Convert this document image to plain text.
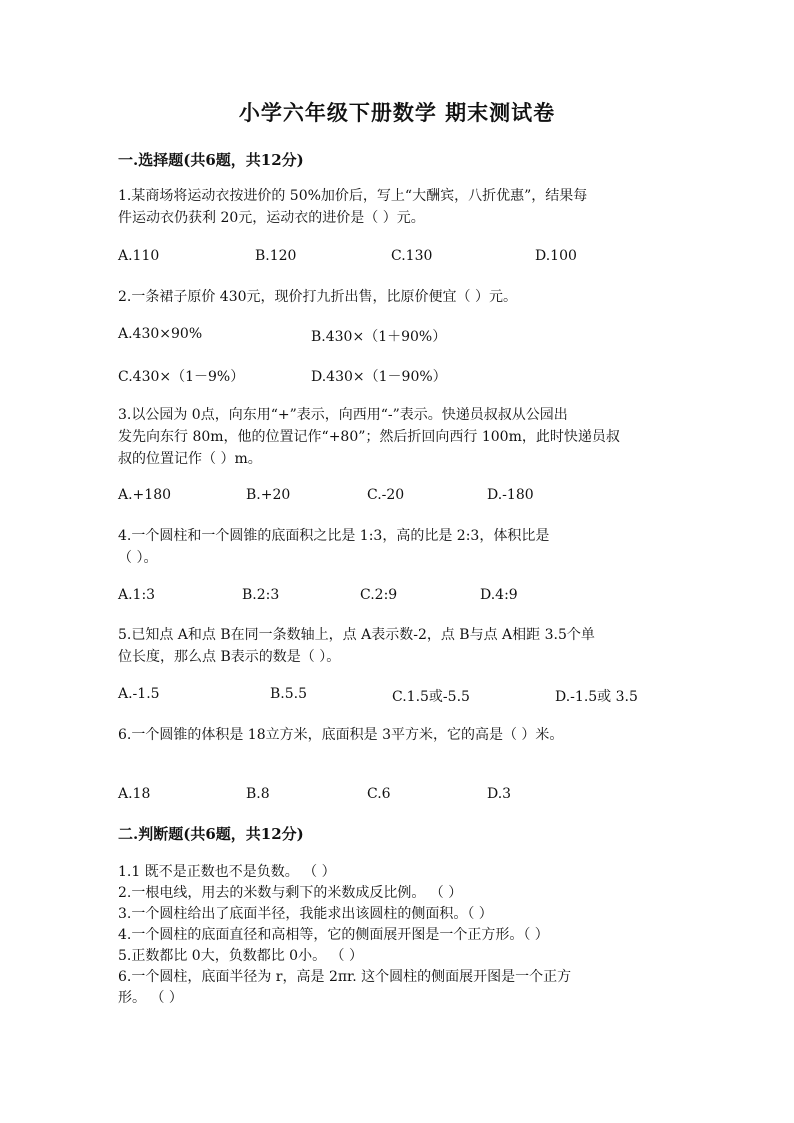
小学六年级下册数学 期末测试卷
一.选择题(共6题，共12分)
1.某商场将运动衣按进价的 50%加价后，写上“大酬宾，八折优惠”，结果每
件运动衣仍获利 20元，运动衣的进价是（ ）元。
A.110	B.120	C.130	D.100
2.一条裙子原价 430元，现价打九折出售，比原价便宜（ ）元。
A.430×90%	B.430×（1＋90%）
C.430×（1－9%）	D.430×（1－90%）
3.以公园为 0点，向东用“+”表示，向西用“-”表示。快递员叔叔从公园出
发先向东行 80m，他的位置记作“+80”；然后折回向西行 100m，此时快递员叔
叔的位置记作（ ）m。
A.+180	B.+20	C.-20	D.-180
4.一个圆柱和一个圆锥的底面积之比是 1:3，高的比是 2:3，体积比是
（ ）。
A.1:3	B.2:3	C.2:9	D.4:9
5.已知点 A和点 B在同一条数轴上，点 A表示数-2，点 B与点 A相距 3.5个单
位长度，那么点 B表示的数是（ ）。
A.-1.5	B.5.5	C.1.5或-5.5	D.-1.5或 3.5
6.一个圆锥的体积是 18立方米，底面积是 3平方米，它的高是（ ）米。
A.18	B.8	C.6	D.3
二.判断题(共6题，共12分)
1.1 既不是正数也不是负数。 （ ）
2.一根电线，用去的米数与剩下的米数成反比例。 （ ）
3.一个圆柱给出了底面半径，我能求出该圆柱的侧面积。（ ）
4.一个圆柱的底面直径和高相等，它的侧面展开图是一个正方形。（ ）
5.正数都比 0大，负数都比 0小。 （ ）
6.一个圆柱，底面半径为 r，高是 2πr. 这个圆柱的侧面展开图是一个正方
形。 （ ）
